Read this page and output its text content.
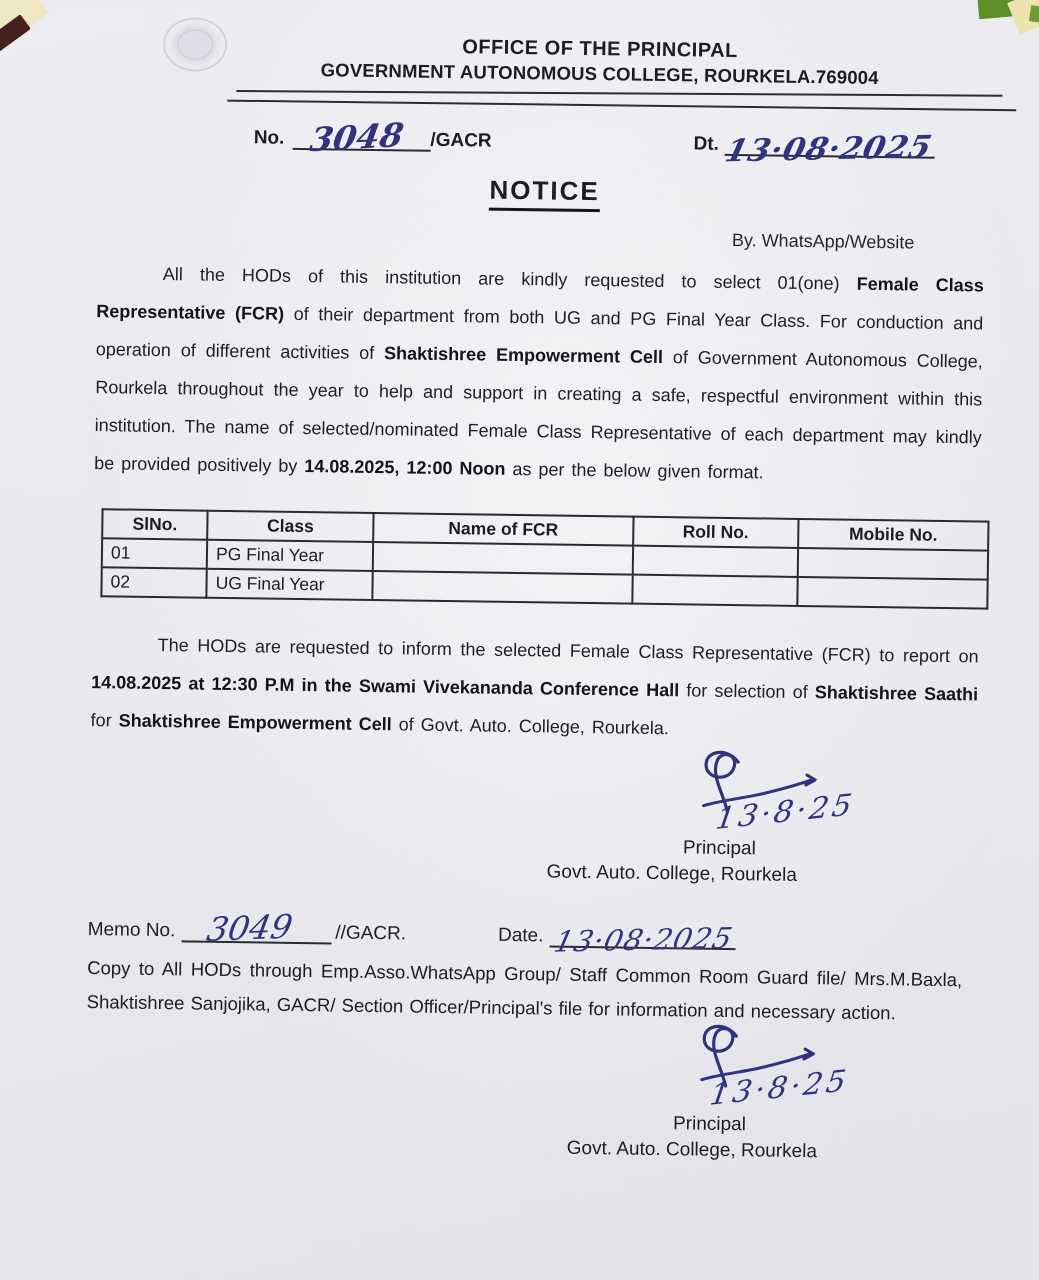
OFFICE OF THE PRINCIPAL
GOVERNMENT AUTONOMOUS COLLEGE, ROURKELA.769004
No. 3048 /GACR	Dt. 13·08·2025
NOTICE
By. WhatsApp/Website

All the HODs of this institution are kindly requested to select 01(one) Female Class Representative (FCR) of their department from both UG and PG Final Year Class. For conduction and operation of different activities of Shaktishree Empowerment Cell of Government Autonomous College, Rourkela throughout the year to help and support in creating a safe, respectful environment within this institution. The name of selected/nominated Female Class Representative of each department may kindly be provided positively by 14.08.2025, 12:00 Noon as per the below given format.

SlNo.	Class	Name of FCR	Roll No.	Mobile No.
01	PG Final Year			
02	UG Final Year			

The HODs are requested to inform the selected Female Class Representative (FCR) to report on 14.08.2025 at 12:30 P.M in the Swami Vivekananda Conference Hall for selection of Shaktishree Saathi for Shaktishree Empowerment Cell of Govt. Auto. College, Rourkela.

13·8·25
Principal
Govt. Auto. College, Rourkela
Memo No. 3049 //GACR.	Date. 13·08·2025

Copy to All HODs through Emp.Asso.WhatsApp Group/ Staff Common Room Guard file/ Mrs.M.Baxla, Shaktishree Sanjojika, GACR/ Section Officer/Principal's file for information and necessary action.

13·8·25
Principal
Govt. Auto. College, Rourkela
